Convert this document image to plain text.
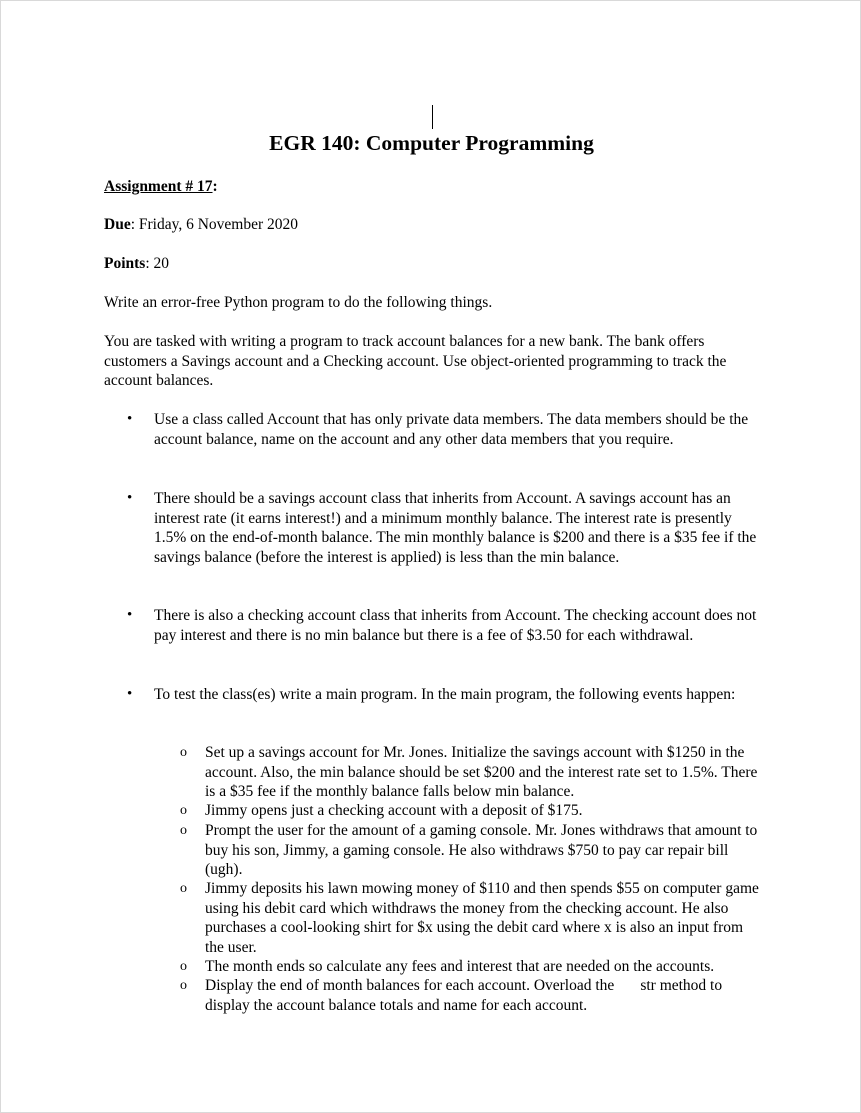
EGR 140: Computer Programming
Assignment # 17:
Due: Friday, 6 November 2020
Points: 20
Write an error-free Python program to do the following things.
You are tasked with writing a program to track account balances for a new bank. The bank offers customers a Savings account and a Checking account. Use object-oriented programming to track the account balances.
• Use a class called Account that has only private data members. The data members should be the account balance, name on the account and any other data members that you require.
• There should be a savings account class that inherits from Account. A savings account has an interest rate (it earns interest!) and a minimum monthly balance. The interest rate is presently 1.5% on the end-of-month balance. The min monthly balance is $200 and there is a $35 fee if the savings balance (before the interest is applied) is less than the min balance.
• There is also a checking account class that inherits from Account. The checking account does not pay interest and there is no min balance but there is a fee of $3.50 for each withdrawal.
• To test the class(es) write a main program. In the main program, the following events happen:
o Set up a savings account for Mr. Jones. Initialize the savings account with $1250 in the account. Also, the min balance should be set $200 and the interest rate set to 1.5%. There is a $35 fee if the monthly balance falls below min balance.
o Jimmy opens just a checking account with a deposit of $175.
o Prompt the user for the amount of a gaming console. Mr. Jones withdraws that amount to buy his son, Jimmy, a gaming console. He also withdraws $750 to pay car repair bill (ugh).
o Jimmy deposits his lawn mowing money of $110 and then spends $55 on computer game using his debit card which withdraws the money from the checking account. He also purchases a cool-looking shirt for $x using the debit card where x is also an input from the user.
o The month ends so calculate any fees and interest that are needed on the accounts.
o Display the end of month balances for each account. Overload the str method to display the account balance totals and name for each account.
